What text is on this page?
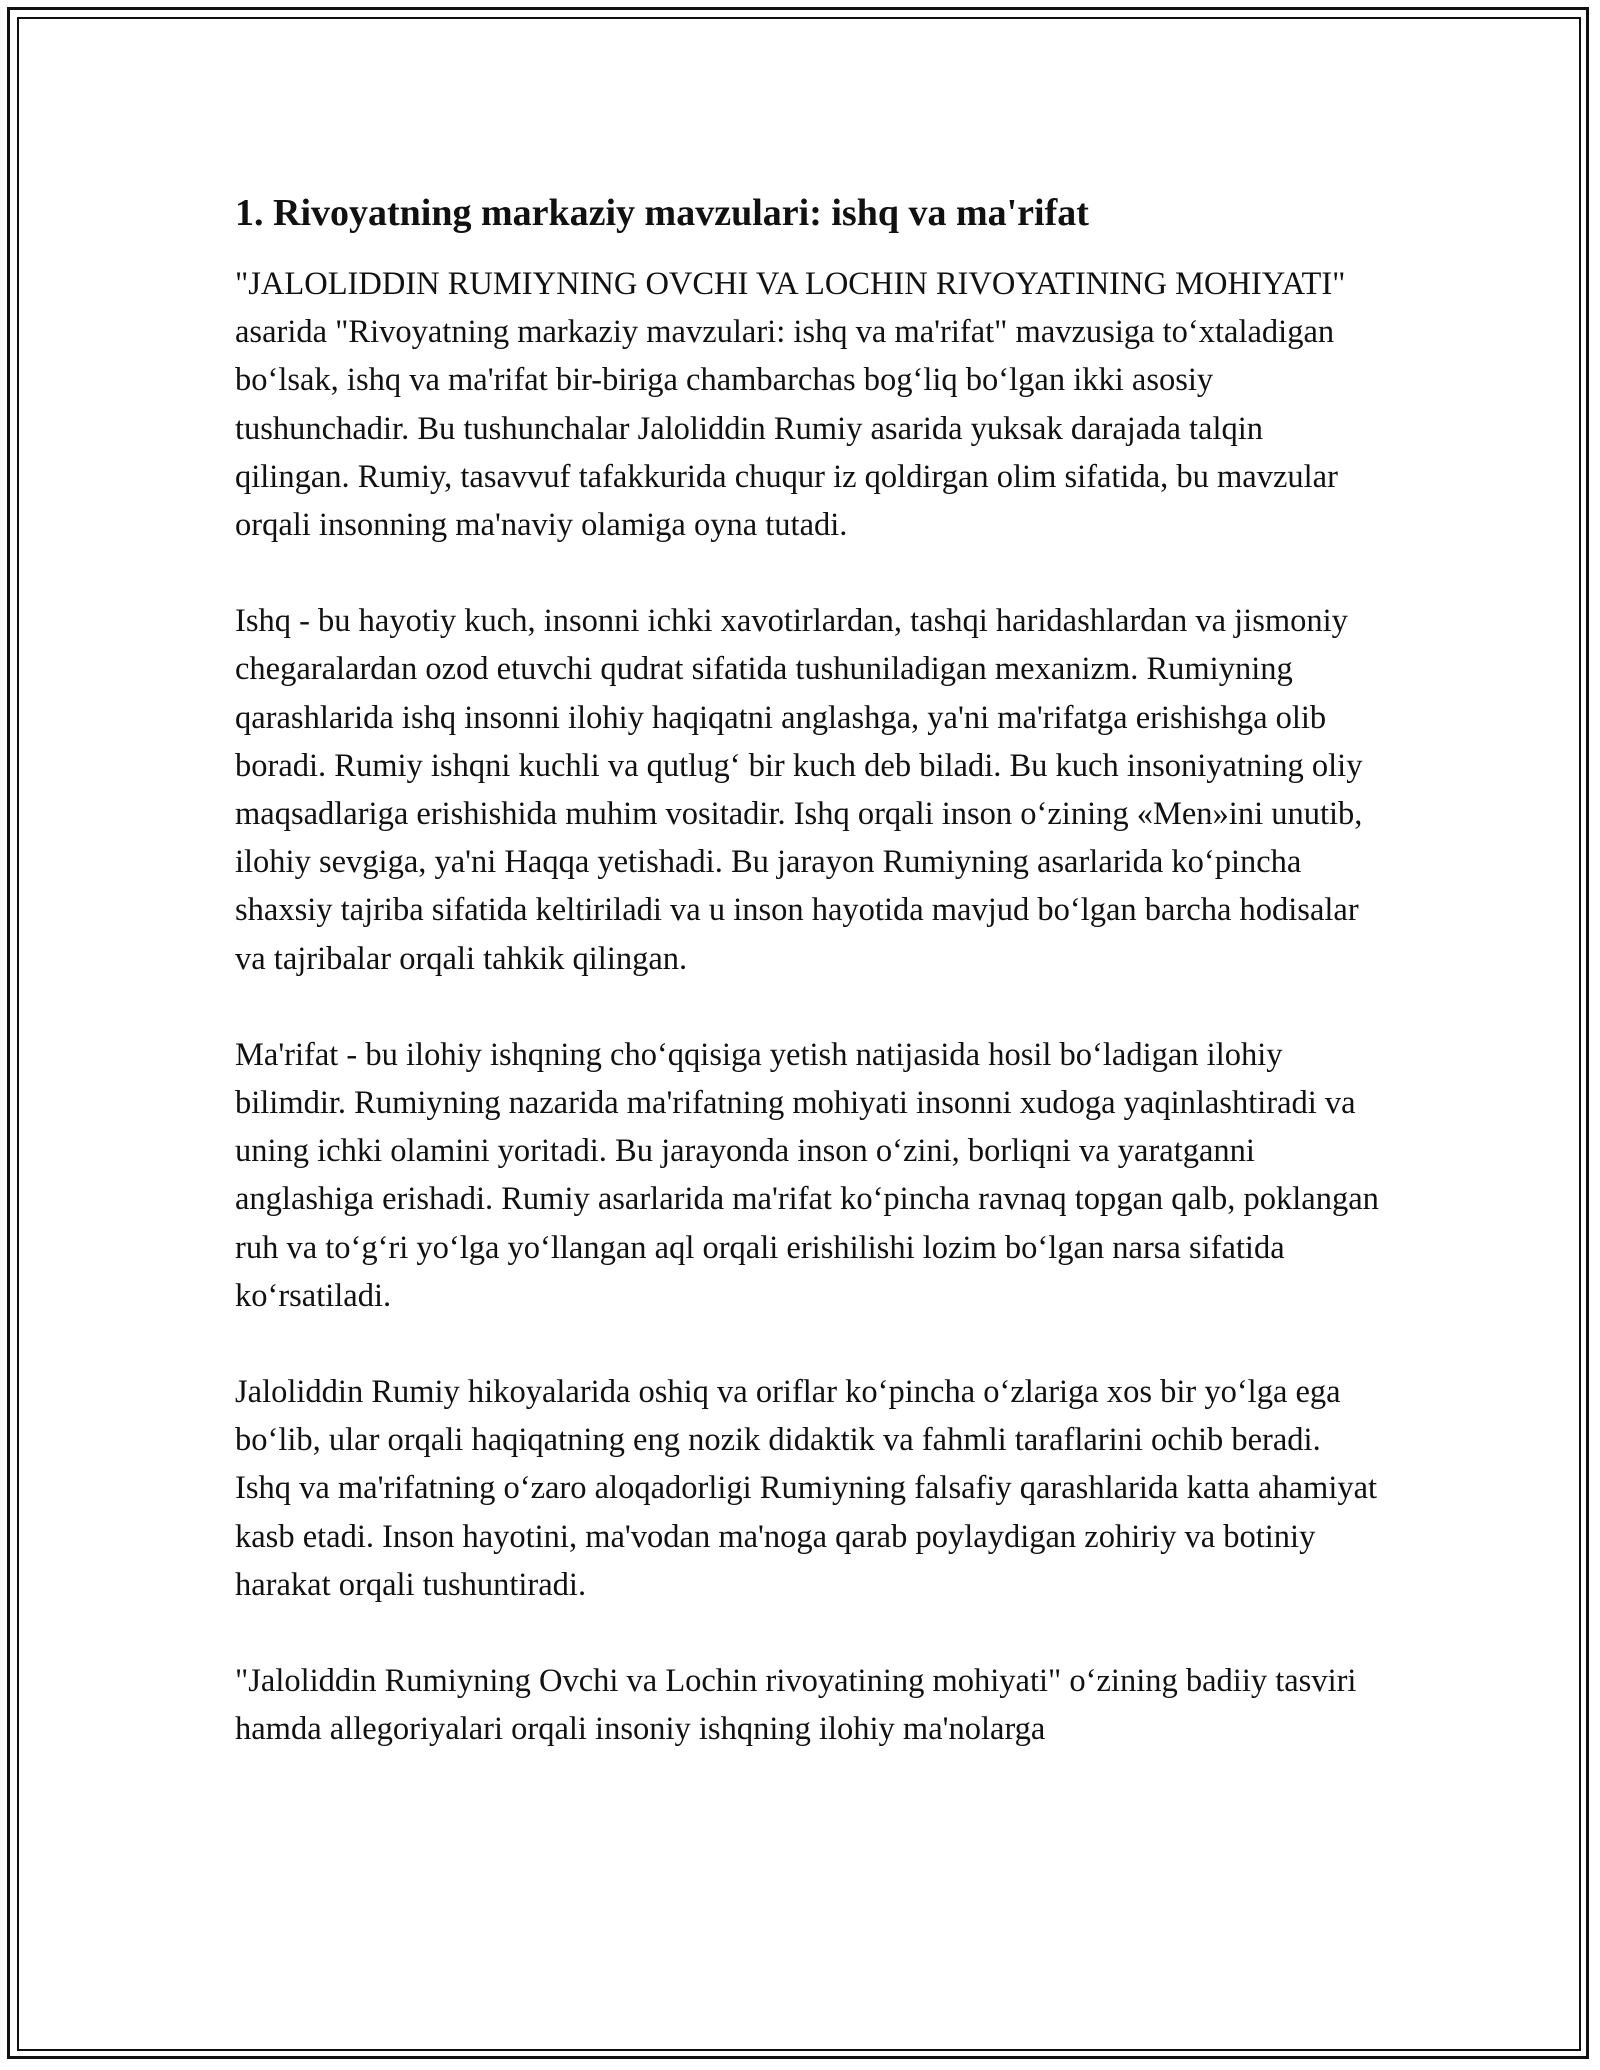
1. Rivoyatning markaziy mavzulari: ishq va ma'rifat

"JALOLIDDIN RUMIYNING OVCHI VA LOCHIN RIVOYATINING MOHIYATI" asarida "Rivoyatning markaziy mavzulari: ishq va ma'rifat" mavzusiga to‘xtaladigan bo‘lsak, ishq va ma'rifat bir-biriga chambarchas bog‘liq bo‘lgan ikki asosiy tushunchadir. Bu tushunchalar Jaloliddin Rumiy asarida yuksak darajada talqin qilingan. Rumiy, tasavvuf tafakkurida chuqur iz qoldirgan olim sifatida, bu mavzular orqali insonning ma'naviy olamiga oyna tutadi.

Ishq - bu hayotiy kuch, insonni ichki xavotirlardan, tashqi haridashlardan va jismoniy chegaralardan ozod etuvchi qudrat sifatida tushuniladigan mexanizm. Rumiyning qarashlarida ishq insonni ilohiy haqiqatni anglashga, ya'ni ma'rifatga erishishga olib boradi. Rumiy ishqni kuchli va qutlug‘ bir kuch deb biladi. Bu kuch insoniyatning oliy maqsadlariga erishishida muhim vositadir. Ishq orqali inson o‘zining «Men»ini unutib, ilohiy sevgiga, ya'ni Haqqa yetishadi. Bu jarayon Rumiyning asarlarida ko‘pincha shaxsiy tajriba sifatida keltiriladi va u inson hayotida mavjud bo‘lgan barcha hodisalar va tajribalar orqali tahkik qilingan.

Ma'rifat - bu ilohiy ishqning cho‘qqisiga yetish natijasida hosil bo‘ladigan ilohiy bilimdir. Rumiyning nazarida ma'rifatning mohiyati insonni xudoga yaqinlashtiradi va uning ichki olamini yoritadi. Bu jarayonda inson o‘zini, borliqni va yaratganni anglashiga erishadi. Rumiy asarlarida ma'rifat ko‘pincha ravnaq topgan qalb, poklangan ruh va to‘g‘ri yo‘lga yo‘llangan aql orqali erishilishi lozim bo‘lgan narsa sifatida ko‘rsatiladi.

Jaloliddin Rumiy hikoyalarida oshiq va oriflar ko‘pincha o‘zlariga xos bir yo‘lga ega bo‘lib, ular orqali haqiqatning eng nozik didaktik va fahmli taraflarini ochib beradi. Ishq va ma'rifatning o‘zaro aloqadorligi Rumiyning falsafiy qarashlarida katta ahamiyat kasb etadi. Inson hayotini, ma'vodan ma'noga qarab poylaydigan zohiriy va botiniy harakat orqali tushuntiradi.

"Jaloliddin Rumiyning Ovchi va Lochin rivoyatining mohiyati" o‘zining badiiy tasviri hamda allegoriyalari orqali insoniy ishqning ilohiy ma'nolarga
